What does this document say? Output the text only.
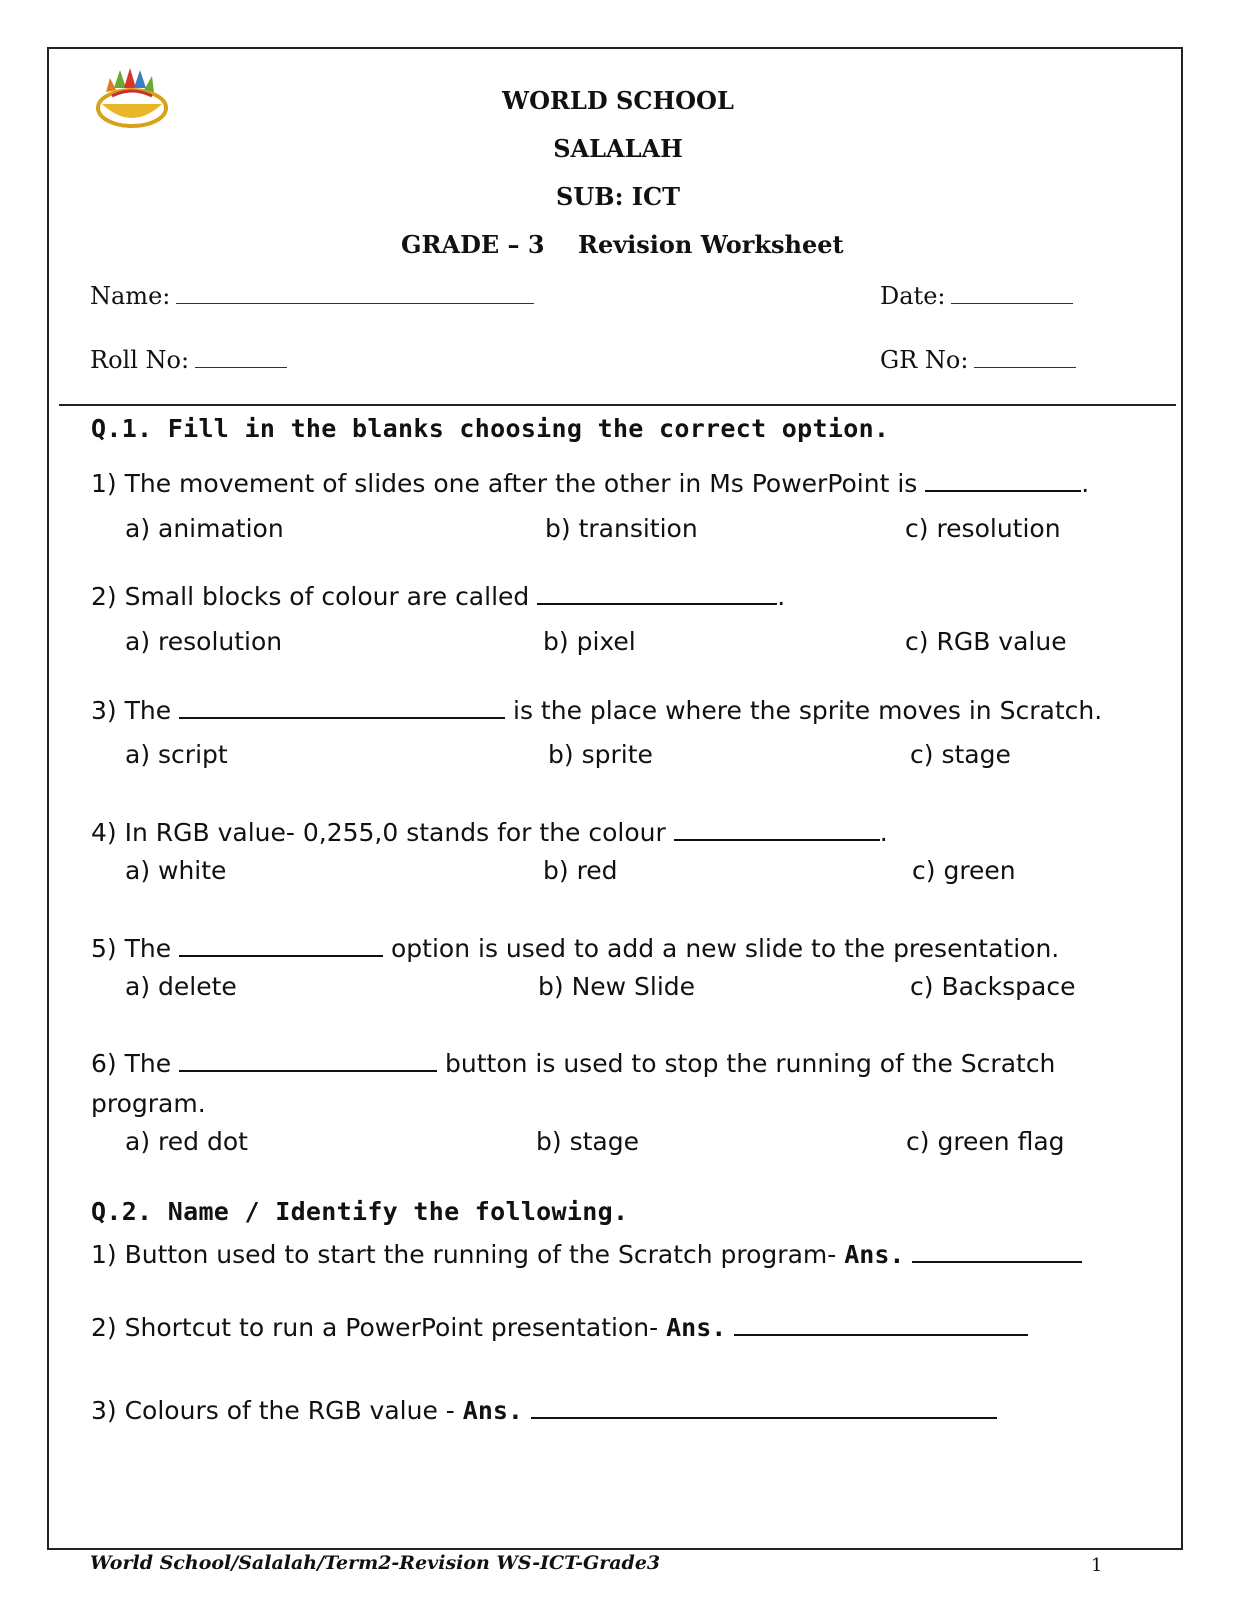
WORLD SCHOOL
SALALAH
SUB: ICT
GRADE – 3 Revision Worksheet
Name:	Date:
Roll No:	GR No:
Q.1. Fill in the blanks choosing the correct option.
1) The movement of slides one after the other in Ms PowerPoint is	.
a) animation	b) transition	c) resolution
2) Small blocks of colour are called	.
a) resolution	b) pixel	c) RGB value
3) The	is the place where the sprite moves in Scratch.
a) script	b) sprite	c) stage
4) In RGB value- 0,255,0 stands for the colour	.
a) white	b) red	c) green
5) The	option is used to add a new slide to the presentation.
a) delete	b) New Slide	c) Backspace
6) The	button is used to stop the running of the Scratch
program.
a) red dot	b) stage	c) green flag
Q.2. Name / Identify the following.
1) Button used to start the running of the Scratch program- Ans.
2) Shortcut to run a PowerPoint presentation- Ans.
3) Colours of the RGB value - Ans.
World School/Salalah/Term2-Revision WS-ICT-Grade3	1
